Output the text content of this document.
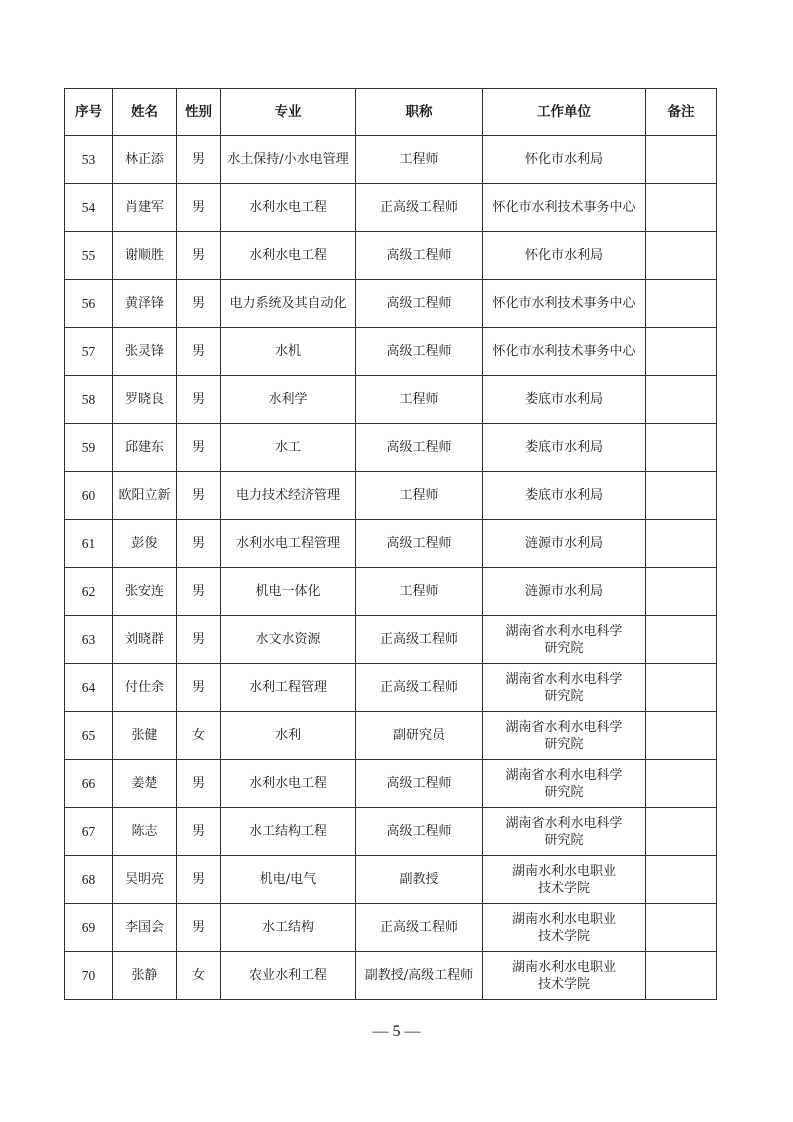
序号	姓名	性别	专业	职称	工作单位	备注
53	林正添	男	水土保持/小水电管理	工程师	怀化市水利局	
54	肖建军	男	水利水电工程	正高级工程师	怀化市水利技术事务中心	
55	谢顺胜	男	水利水电工程	高级工程师	怀化市水利局	
56	黄泽锋	男	电力系统及其自动化	高级工程师	怀化市水利技术事务中心	
57	张灵锋	男	水机	高级工程师	怀化市水利技术事务中心	
58	罗晓良	男	水利学	工程师	娄底市水利局	
59	邱建东	男	水工	高级工程师	娄底市水利局	
60	欧阳立新	男	电力技术经济管理	工程师	娄底市水利局	
61	彭俊	男	水利水电工程管理	高级工程师	涟源市水利局	
62	张安连	男	机电一体化	工程师	涟源市水利局	
63	刘晓群	男	水文水资源	正高级工程师	湖南省水利水电科学
研究院	
64	付仕余	男	水利工程管理	正高级工程师	湖南省水利水电科学
研究院	
65	张健	女	水利	副研究员	湖南省水利水电科学
研究院	
66	姜楚	男	水利水电工程	高级工程师	湖南省水利水电科学
研究院	
67	陈志	男	水工结构工程	高级工程师	湖南省水利水电科学
研究院	
68	吴明亮	男	机电/电气	副教授	湖南水利水电职业
技术学院	
69	李国会	男	水工结构	正高级工程师	湖南水利水电职业
技术学院	
70	张静	女	农业水利工程	副教授/高级工程师	湖南水利水电职业
技术学院	
— 5 —
